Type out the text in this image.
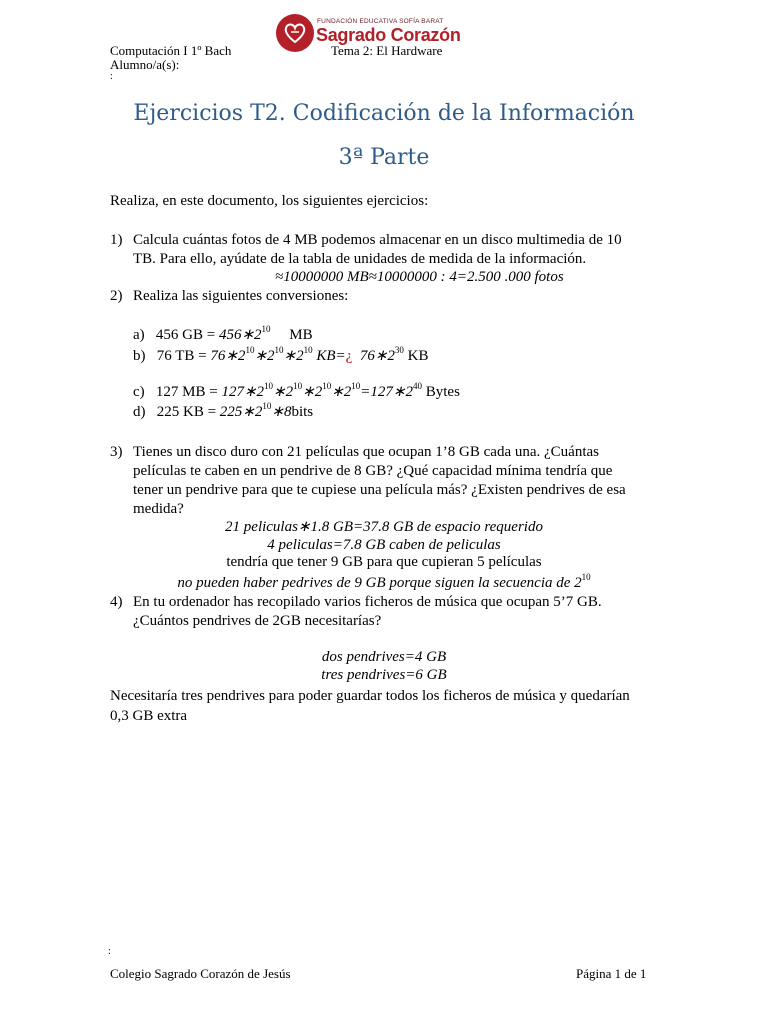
Computación I 1º Bach	Tema 2: El Hardware
Alumno/a(s):
:
FUNDACIÓN EDUCATIVA SOFÍA BARAT
Sagrado Corazón
Ejercicios T2. Codificación de la Información
3ª Parte
Realiza, en este documento, los siguientes ejercicios:
1) Calcula cuántas fotos de 4 MB podemos almacenar en un disco multimedia de 10
TB. Para ello, ayúdate de la tabla de unidades de medida de la información.
≈10000000 MB≈10000000 : 4=2.500 .000 fotos
2) Realiza las siguientes conversiones:
a) 456 GB = $456∗2^{10}$ MB
b) 76 TB = $76∗2^{10}∗2^{10}∗2^{10}$ KB=¿ $76∗2^{30}$ KB
c) 127 MB = $127∗2^{10}∗2^{10}∗2^{10}∗2^{10}=127∗2^{40}$ Bytes
d) 225 KB = $225∗2^{10}∗8bits$
3) Tienes un disco duro con 21 películas que ocupan 1’8 GB cada una. ¿Cuántas
películas te caben en un pendrive de 8 GB? ¿Qué capacidad mínima tendría que
tener un pendrive para que te cupiese una película más? ¿Existen pendrives de esa
medida?
21 peliculas∗1.8 GB=37.8 GB de espacio requerido
4 peliculas=7.8 GB caben de peliculas
tendría que tener 9 GB para que cupieran 5 películas
no pueden haber pedrives de 9 GB porque siguen la secuencia de $2^{10}$
4) En tu ordenador has recopilado varios ficheros de música que ocupan 5’7 GB.
¿Cuántos pendrives de 2GB necesitarías?
dos pendrives=4 GB
tres pendrives=6 GB
Necesitaría tres pendrives para poder guardar todos los ficheros de música y quedarían
0,3 GB extra
:
Colegio Sagrado Corazón de Jesús	Página 1 de 1
